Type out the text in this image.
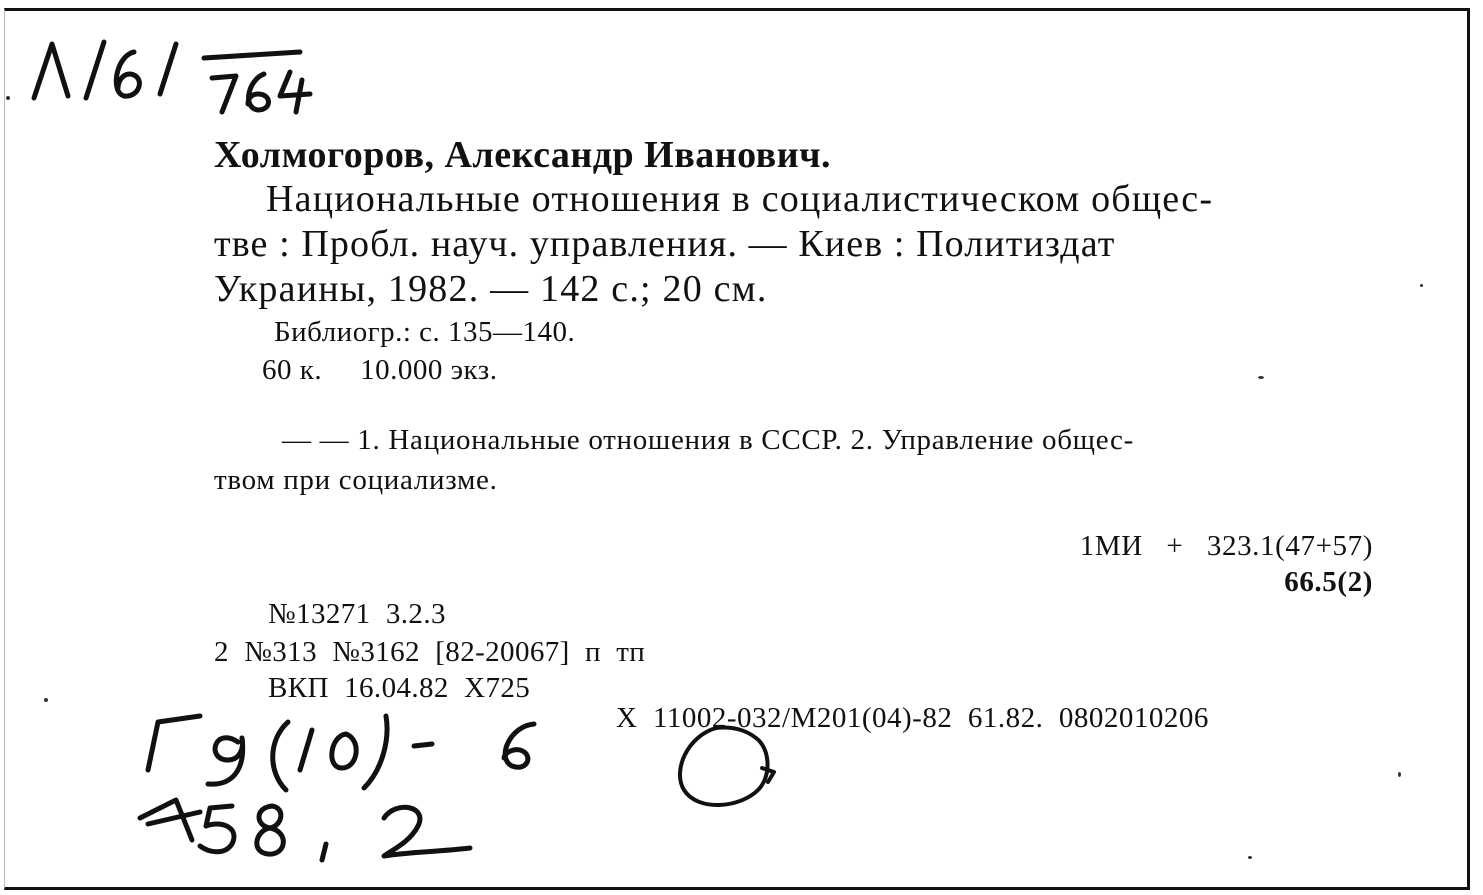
Холмогоров, Александр Иванович.
Национальные отношения в социалистическом общес-
тве : Пробл. науч. управления. — Киев : Политиздат
Украины, 1982. — 142 с.; 20 см.
Библиогр.: с. 135—140.
60 к. 10.000 экз.
— — 1. Национальные отношения в СССР. 2. Управление общес-
твом при социализме.
1МИ   +   323.1(47+57)
66.5(2)
№13271  3.2.3
2  №313  №3162  [82-20067]  п  тп
ВКП  16.04.82  Х725
Х  11002-032/М201(04)-82  61.82.  0802010206
